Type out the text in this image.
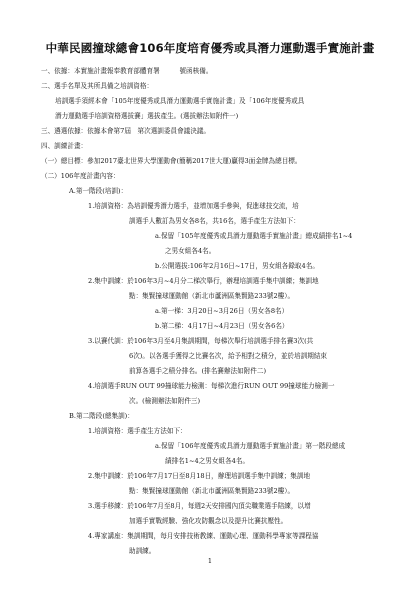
中華民國撞球總會106年度培育優秀或具潛力運動選手實施計畫
一、依據：本實施計畫報奉教育部體育署　　　號函核備。
二、選手名單及其所具備之培訓資格：
培訓選手須經本會「105年度優秀或具潛力運動選手實施計畫」及「106年度優秀或具
潛力運動選手培訓資格選拔賽」選拔產生。(選拔辦法如附件一)
三、遴選依據：依據本會第7屆　第次選訓委員會議決議。
四、訓練計畫：
（一）總目標：參加2017臺北世界大學運動會(簡稱2017世大運)贏得3面金牌為總目標。
（二）106年度計畫內容：
A.第一階段(培訓)：
1.培訓資格：為培訓優秀潛力選手，並增加選手參與，促進球技交流，培
訓選手人數訂為男女各8名，共16名，選手產生方法如下：
a.保留「105年度優秀或具潛力運動選手實施計畫」總成績排名1~4
之男女組各4名。
b.公開選拔:106年2月16日~17日，男女組各錄取4名。
2.集中訓練：於106年3月~4月分二梯次舉行，辦理培訓選手集中訓練；集訓地
點：集賢撞球運動館（新北市蘆洲區集賢路233號2樓）。
a.第一梯：3月20日~3月26日（男女各8名）
b.第二梯：4月17日~4月23日（男女各6名）
3.以賽代訓：於106年3月至4月集訓期間，每梯次舉行培訓選手排名賽3次(共
6次)。以各選手獲得之比賽名次，給予相對之積分，並於培訓期結束
前算各選手之積分排名。(排名賽辦法如附件二)
4.培訓選手RUN OUT 99撞球能力檢測：每梯次進行RUN OUT 99撞球能力檢測一
次。(檢測辦法如附件三)
B.第二階段(總集訓)：
1.培訓資格：選手產生方法如下：
a.保留「106年度優秀或具潛力運動選手實施計畫」第一階段總成
績排名1~4之男女組各4名。
2.集中訓練：於106年7月17日至8月18日，辦理培訓選手集中訓練；集訓地
點：集賢撞球運動館（新北市蘆洲區集賢路233號2樓）。
3.選手移練：於106年7月至8月，每週2天安排國內頂尖職業選手陪練，以增
加選手實戰經驗、強化攻防觀念以及提升比賽抗壓性。
4.專家講座：集訓期間，每月安排技術教練、運動心理、運動科學專家等課程協
助訓練。
1
